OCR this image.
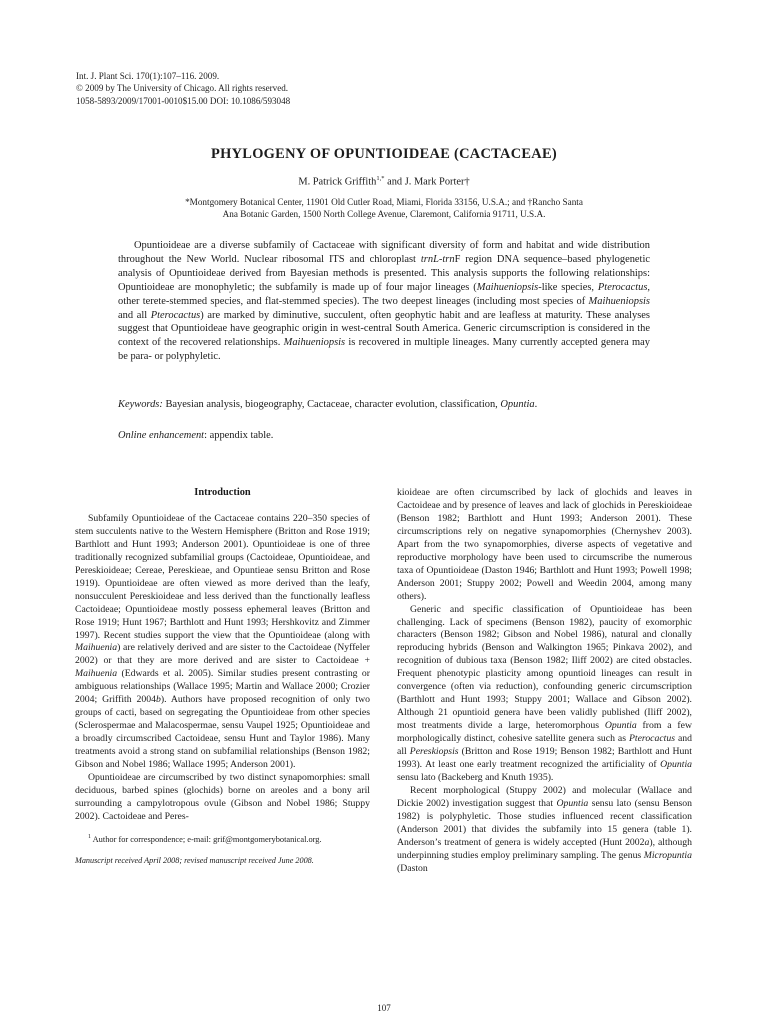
Int. J. Plant Sci. 170(1):107–116. 2009.
© 2009 by The University of Chicago. All rights reserved.
1058-5893/2009/17001-0010$15.00 DOI: 10.1086/593048
PHYLOGENY OF OPUNTIOIDEAE (CACTACEAE)
M. Patrick Griffith$^{1,*}$ and J. Mark Porter†
*Montgomery Botanical Center, 11901 Old Cutler Road, Miami, Florida 33156, U.S.A.; and †Rancho Santa
Ana Botanic Garden, 1500 North College Avenue, Claremont, California 91711, U.S.A.

Opuntioideae are a diverse subfamily of Cactaceae with significant diversity of form and habitat and wide distribution throughout the New World. Nuclear ribosomal ITS and chloroplast trnL-trnF region DNA sequence–based phylogenetic analysis of Opuntioideae derived from Bayesian methods is presented. This analysis supports the following relationships: Opuntioideae are monophyletic; the subfamily is made up of four major lineages (Maihueniopsis-like species, Pterocactus, other terete-stemmed species, and flat-stemmed species). The two deepest lineages (including most species of Maihueniopsis and all Pterocactus) are marked by diminutive, succulent, often geophytic habit and are leafless at maturity. These analyses suggest that Opuntioideae have geographic origin in west-central South America. Generic circumscription is considered in the context of the recovered relationships. Maihueniopsis is recovered in multiple lineages. Many currently accepted genera may be para- or polyphyletic.

Keywords: Bayesian analysis, biogeography, Cactaceae, character evolution, classification, Opuntia.
Online enhancement: appendix table.
Introduction

Subfamily Opuntioideae of the Cactaceae contains 220–350 species of stem succulents native to the Western Hemisphere (Britton and Rose 1919; Barthlott and Hunt 1993; Anderson 2001). Opuntioideae is one of three traditionally recognized subfamilial groups (Cactoideae, Opuntioideae, and Pereskioideae; Cereae, Pereskieae, and Opuntieae sensu Britton and Rose 1919). Opuntioideae are often viewed as more derived than the leafy, nonsucculent Pereskioideae and less derived than the functionally leafless Cactoideae; Opuntioideae mostly possess ephemeral leaves (Britton and Rose 1919; Hunt 1967; Barthlott and Hunt 1993; Hershkovitz and Zimmer 1997). Recent studies support the view that the Opuntioideae (along with Maihuenia) are relatively derived and are sister to the Cactoideae (Nyffeler 2002) or that they are more derived and are sister to Cactoideae + Maihuenia (Edwards et al. 2005). Similar studies present contrasting or ambiguous relationships (Wallace 1995; Martin and Wallace 2000; Crozier 2004; Griffith 2004b). Authors have proposed recognition of only two groups of cacti, based on segregating the Opuntioideae from other species (Sclerospermae and Malacospermae, sensu Vaupel 1925; Opuntioideae and a broadly circumscribed Cactoideae, sensu Hunt and Taylor 1986). Many treatments avoid a strong stand on subfamilial relationships (Benson 1982; Gibson and Nobel 1986; Wallace 1995; Anderson 2001).

Opuntioideae are circumscribed by two distinct synapomorphies: small deciduous, barbed spines (glochids) borne on areoles and a bony aril surrounding a campylotropous ovule (Gibson and Nobel 1986; Stuppy 2002). Cactoideae and Peres-

$^1$ Author for correspondence; e-mail: grif@montgomerybotanical.org.

Manuscript received April 2008; revised manuscript received June 2008.

kioideae are often circumscribed by lack of glochids and leaves in Cactoideae and by presence of leaves and lack of glochids in Pereskioideae (Benson 1982; Barthlott and Hunt 1993; Anderson 2001). These circumscriptions rely on negative synapomorphies (Chernyshev 2003). Apart from the two synapomorphies, diverse aspects of vegetative and reproductive morphology have been used to circumscribe the numerous taxa of Opuntioideae (Daston 1946; Barthlott and Hunt 1993; Powell 1998; Anderson 2001; Stuppy 2002; Powell and Weedin 2004, among many others).

Generic and specific classification of Opuntioideae has been challenging. Lack of specimens (Benson 1982), paucity of exomorphic characters (Benson 1982; Gibson and Nobel 1986), natural and clonally reproducing hybrids (Benson and Walkington 1965; Pinkava 2002), and recognition of dubious taxa (Benson 1982; Iliff 2002) are cited obstacles. Frequent phenotypic plasticity among opuntioid lineages can result in convergence (often via reduction), confounding generic circumscription (Barthlott and Hunt 1993; Stuppy 2001; Wallace and Gibson 2002). Although 21 opuntioid genera have been validly published (Iliff 2002), most treatments divide a large, heteromorphous Opuntia from a few morphologically distinct, cohesive satellite genera such as Pterocactus and all Pereskiopsis (Britton and Rose 1919; Benson 1982; Barthlott and Hunt 1993). At least one early treatment recognized the artificiality of Opuntia sensu lato (Backeberg and Knuth 1935).

Recent morphological (Stuppy 2002) and molecular (Wallace and Dickie 2002) investigation suggest that Opuntia sensu lato (sensu Benson 1982) is polyphyletic. Those studies influenced recent classification (Anderson 2001) that divides the subfamily into 15 genera (table 1). Anderson’s treatment of genera is widely accepted (Hunt 2002a), although underpinning studies employ preliminary sampling. The genus Micropuntia (Daston

107
